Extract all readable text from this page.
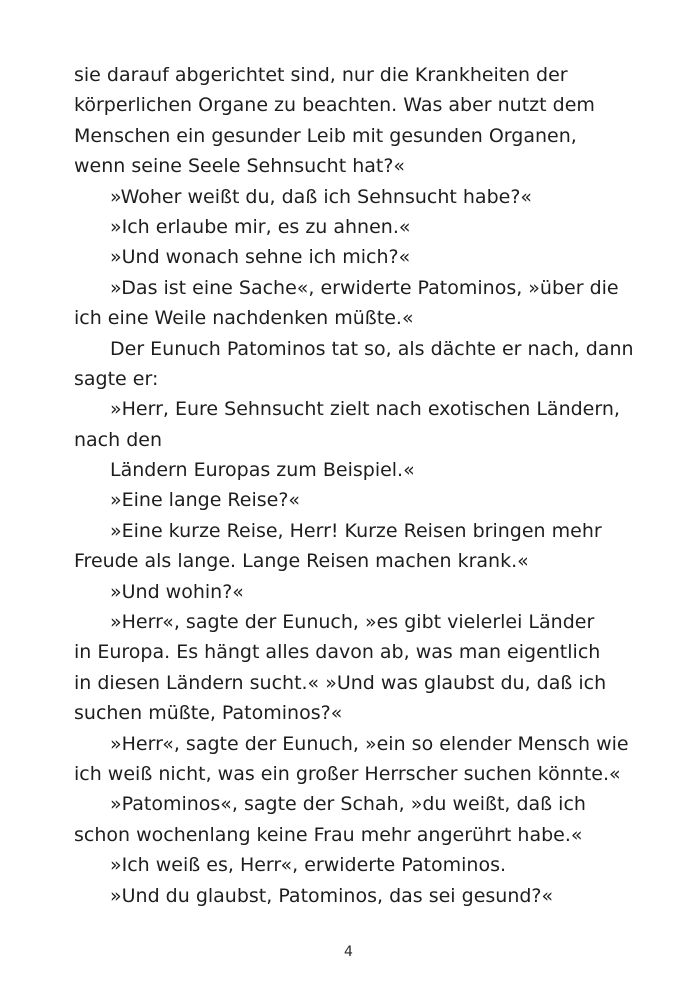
sie darauf abgerichtet sind, nur die Krankheiten der
körperlichen Organe zu beachten. Was aber nutzt dem
Menschen ein gesunder Leib mit gesunden Organen,
wenn seine Seele Sehnsucht hat?«
»Woher weißt du, daß ich Sehnsucht habe?«
»Ich erlaube mir, es zu ahnen.«
»Und wonach sehne ich mich?«
»Das ist eine Sache«, erwiderte Patominos, »über die
ich eine Weile nachdenken müßte.«
Der Eunuch Patominos tat so, als dächte er nach, dann
sagte er:
»Herr, Eure Sehnsucht zielt nach exotischen Ländern,
nach den
Ländern Europas zum Beispiel.«
»Eine lange Reise?«
»Eine kurze Reise, Herr! Kurze Reisen bringen mehr
Freude als lange. Lange Reisen machen krank.«
»Und wohin?«
»Herr«, sagte der Eunuch, »es gibt vielerlei Länder
in Europa. Es hängt alles davon ab, was man eigentlich
in diesen Ländern sucht.« »Und was glaubst du, daß ich
suchen müßte, Patominos?«
»Herr«, sagte der Eunuch, »ein so elender Mensch wie
ich weiß nicht, was ein großer Herrscher suchen könnte.«
»Patominos«, sagte der Schah, »du weißt, daß ich
schon wochenlang keine Frau mehr angerührt habe.«
»Ich weiß es, Herr«, erwiderte Patominos.
»Und du glaubst, Patominos, das sei gesund?«
4
